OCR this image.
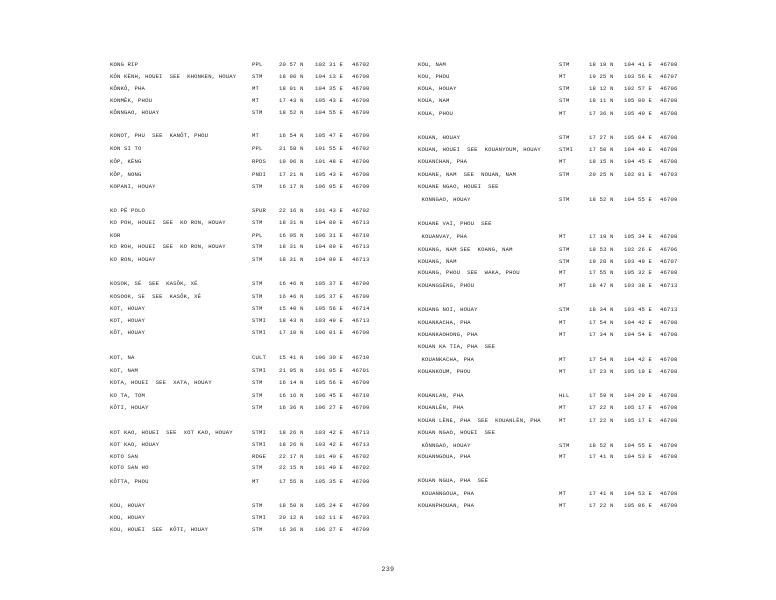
KONG RIP	PPL	20 57 N 102 31 E 46702
KỎN KÈNH, HOUEI  SEE  KHONKEN, HOUAY	STM	18 06 N 104 13 E 46708
KÔNKÔ, PHA	MT	18 01 N 104 35 E 46708
KONMÈK, PHOU	MT	17 43 N 105 43 E 46708
KÔNNGAO, HOUAY	STM	18 52 N 104 55 E 46709
KONOT, PHU  SEE  KANÔT, PHOU	MT	16 54 N 105 47 E 46709
KON SI TO	PPL	21 58 N 101 55 E 46702
KÔP, KÈNG	RPDS 19 06 N 101 48 E 46700
KÔP, NONG	PNDI 17 21 N 105 43 E 46708
KOPANI, HOUAY	STM	16 17 N 106 05 E 46709
KO PÉ POLO	SPUR 22 16 N 101 43 E 46702
KO POH, HOUEI  SEE  KO RON, HOUAY	STM	18 31 N 104 09 E 46713
KOR	PPL	16 05 N 106 31 E 46710
KO ROH, HOUEI  SEE  KO RON, HOUAY	STM	18 31 N 104 09 E 46713
KO RON, HOUAY	STM	18 31 N 104 09 E 46713
KOSOK, SÉ  SEE  KASÔK, XÉ	STM	16 46 N 105 37 E 46709
KOSOOK, SE  SEE  KASÔK, XÉ	STM	16 46 N 105 37 E 46709
KOT, HOUAY	STM	15 40 N 105 56 E 46714
KOT, HOUAY	STMI 18 43 N 103 49 E 46713
KÔT, HOUAY	STMI 17 10 N 106 01 E 46708
KOT, NA	CULT 15 41 N 106 30 E 46710
KOT, NAM	STMI 21 05 N 101 05 E 46701
KOTA, HOUEI  SEE  XATA, HOUAY	STM	16 14 N 105 56 E 46709
KO TA, TOM	STM	16 16 N 106 45 E 46710
KÔTI, HOUAY	STM	16 36 N 106 27 E 46709
KOT KAO, HOUEI  SEE  XOT KAO, HOUAY	STMI 18 26 N 103 42 E 46713
KOT KAO, HOUAY	STMI 18 26 N 103 42 E 46713
KOTO SAN	RDGE 22 17 N 101 40 E 46702
KOTO SAN HO	STM	22 15 N 101 40 E 46702
KÔTTA, PHOU	MT	17 55 N 105 35 E 46708
KOU, HOUAY	STM	18 50 N 105 24 E 46709
KOU, HOUAY	STMI 20 12 N 102 11 E 46703
KOU, HOUEI  SEE  KÔTI, HOUAY	STM	16 36 N 106 27 E 46709
KOU, NAM	STM	18 18 N 104 41 E 46708
KOU, PHOU	MT	19 25 N 103 56 E 46707
KOUA, HOUAY	STM	18 12 N 102 57 E 46706
KOUA, NAM	STM	18 11 N 105 00 E 46708
KOUA, PHOU	MT	17 36 N 105 40 E 46708
KOUAN, HOUAY	STM	17 27 N 105 04 E 46708
KOUAN, HOUEI  SEE  KOUANYOUM, HOUAY	STMI	17 50 N 104 40 E 46708
KOUANCHAN, PHA	MT	18 15 N 104 45 E 46708
KOUANE, NAM  SEE  NOUAN, NAM	STM	20 25 N 102 01 E 46703
KOUANE NGAO, HOUEI  SEE
KONNGAO, HOUAY	STM	18 52 N 104 55 E 46709
KOUANE VAI, PHOU  SEE
KOUANVAY, PHA	MT	17 19 N 105 34 E 46708
KOUANG, NAM SEE  KOANG, NAM	STM	18 53 N 102 26 E 46706
KOUANG, NAM	STM	19 28 N 103 49 E 46707
KOUANG, PHOU  SEE  WAKA, PHOU	MT	17 55 N 105 32 E 46708
KOUANGSÈNG, PHOU	MT	18 47 N 103 38 E 46713
KOUANG NOI, HOUAY	STM	18 34 N 103 45 E 46713
KOUANKACHA, PHA	MT	17 54 N 104 42 E 46708
KOUANKAOHONG, PHA	MT	17 34 N 104 54 E 46708
KOUAN KA TIA, PHA  SEE
KOUANKACHA, PHA	MT	17 54 N 104 42 E 46708
KOUANKOUM, PHOU	MT	17 23 N 105 19 E 46708
KOUANLAN, PHA	HLL	17 59 N 104 29 E 46708
KOUANLÈN, PHA	MT	17 22 N 105 17 E 46708
KOUAN LÈNE, PHA  SEE  KOUANLÈN, PHA	MT	17 22 N 105 17 E 46708
KOUAN NGAO, HOUEI  SEE
KÔNNGAO, HOUAY	STM	18 52 N 104 55 E 46709
KOUANNGOUA, PHA	MT	17 41 N 104 53 E 46708
KOUAN NGUA, PHA  SEE
KOUANNGOUA, PHA	MT	17 41 N 104 53 E 46708
KOUANPHOUAN, PHA	MT	17 22 N 105 06 E 46709
239
